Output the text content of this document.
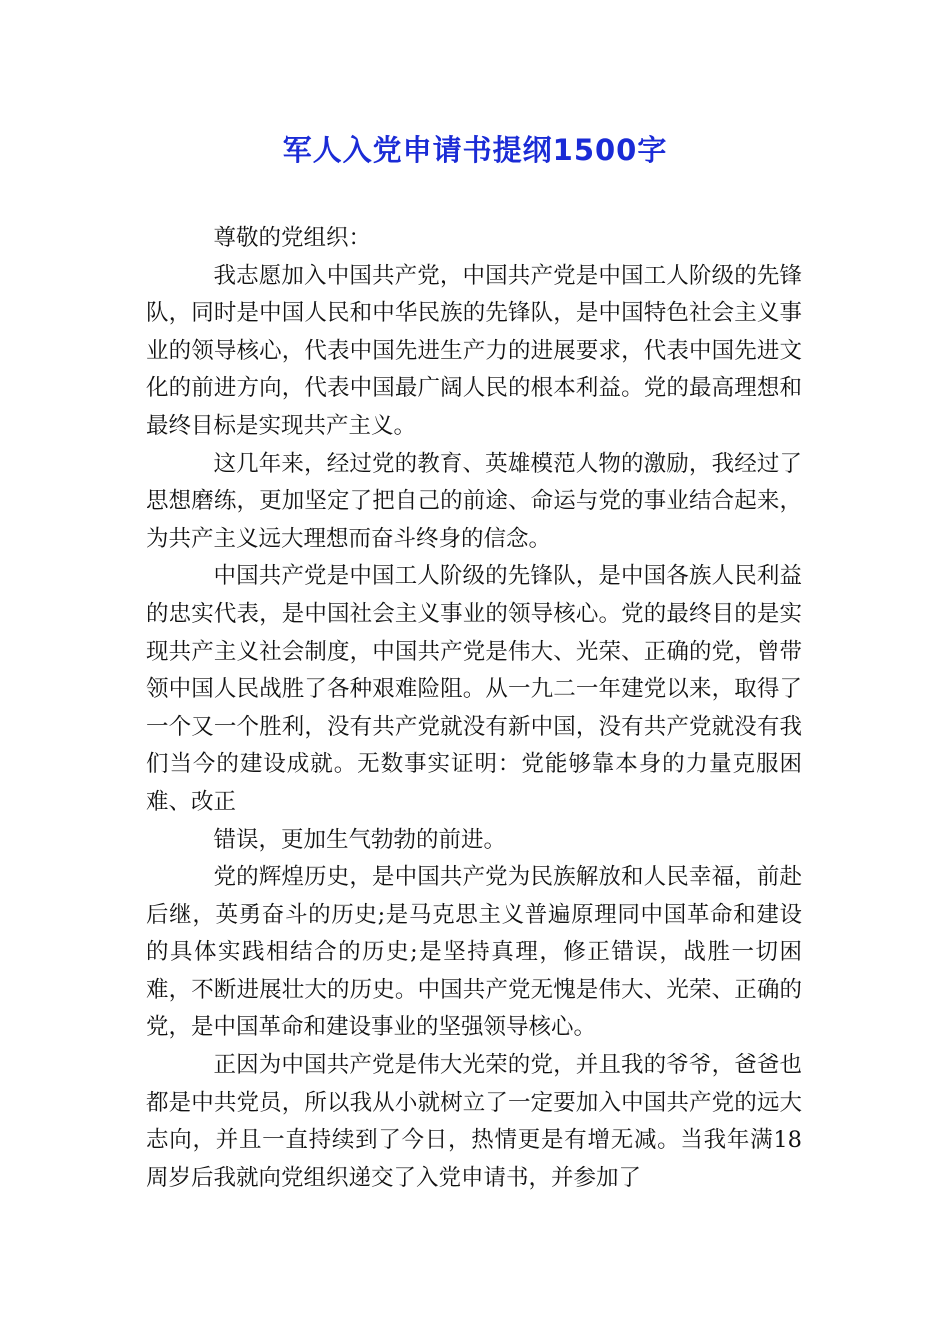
军人入党申请书提纲1500字

尊敬的党组织：

我志愿加入中国共产党，中国共产党是中国工人阶级的先锋队，同时是中国人民和中华民族的先锋队，是中国特色社会主义事业的领导核心，代表中国先进生产力的进展要求，代表中国先进文化的前进方向，代表中国最广阔人民的根本利益。党的最高理想和最终目标是实现共产主义。

这几年来，经过党的教育、英雄模范人物的激励，我经过了思想磨练，更加坚定了把自己的前途、命运与党的事业结合起来，为共产主义远大理想而奋斗终身的信念。

中国共产党是中国工人阶级的先锋队，是中国各族人民利益的忠实代表，是中国社会主义事业的领导核心。党的最终目的是实现共产主义社会制度，中国共产党是伟大、光荣、正确的党，曾带领中国人民战胜了各种艰难险阻。从一九二一年建党以来，取得了一个又一个胜利，没有共产党就没有新中国，没有共产党就没有我们当今的建设成就。无数事实证明：党能够靠本身的力量克服困难、改正

错误，更加生气勃勃的前进。

党的辉煌历史，是中国共产党为民族解放和人民幸福，前赴后继，英勇奋斗的历史;是马克思主义普遍原理同中国革命和建设的具体实践相结合的历史;是坚持真理，修正错误，战胜一切困难，不断进展壮大的历史。中国共产党无愧是伟大、光荣、正确的党，是中国革命和建设事业的坚强领导核心。

正因为中国共产党是伟大光荣的党，并且我的爷爷，爸爸也都是中共党员，所以我从小就树立了一定要加入中国共产党的远大志向，并且一直持续到了今日，热情更是有增无减。当我年满18周岁后我就向党组织递交了入党申请书，并参加了
